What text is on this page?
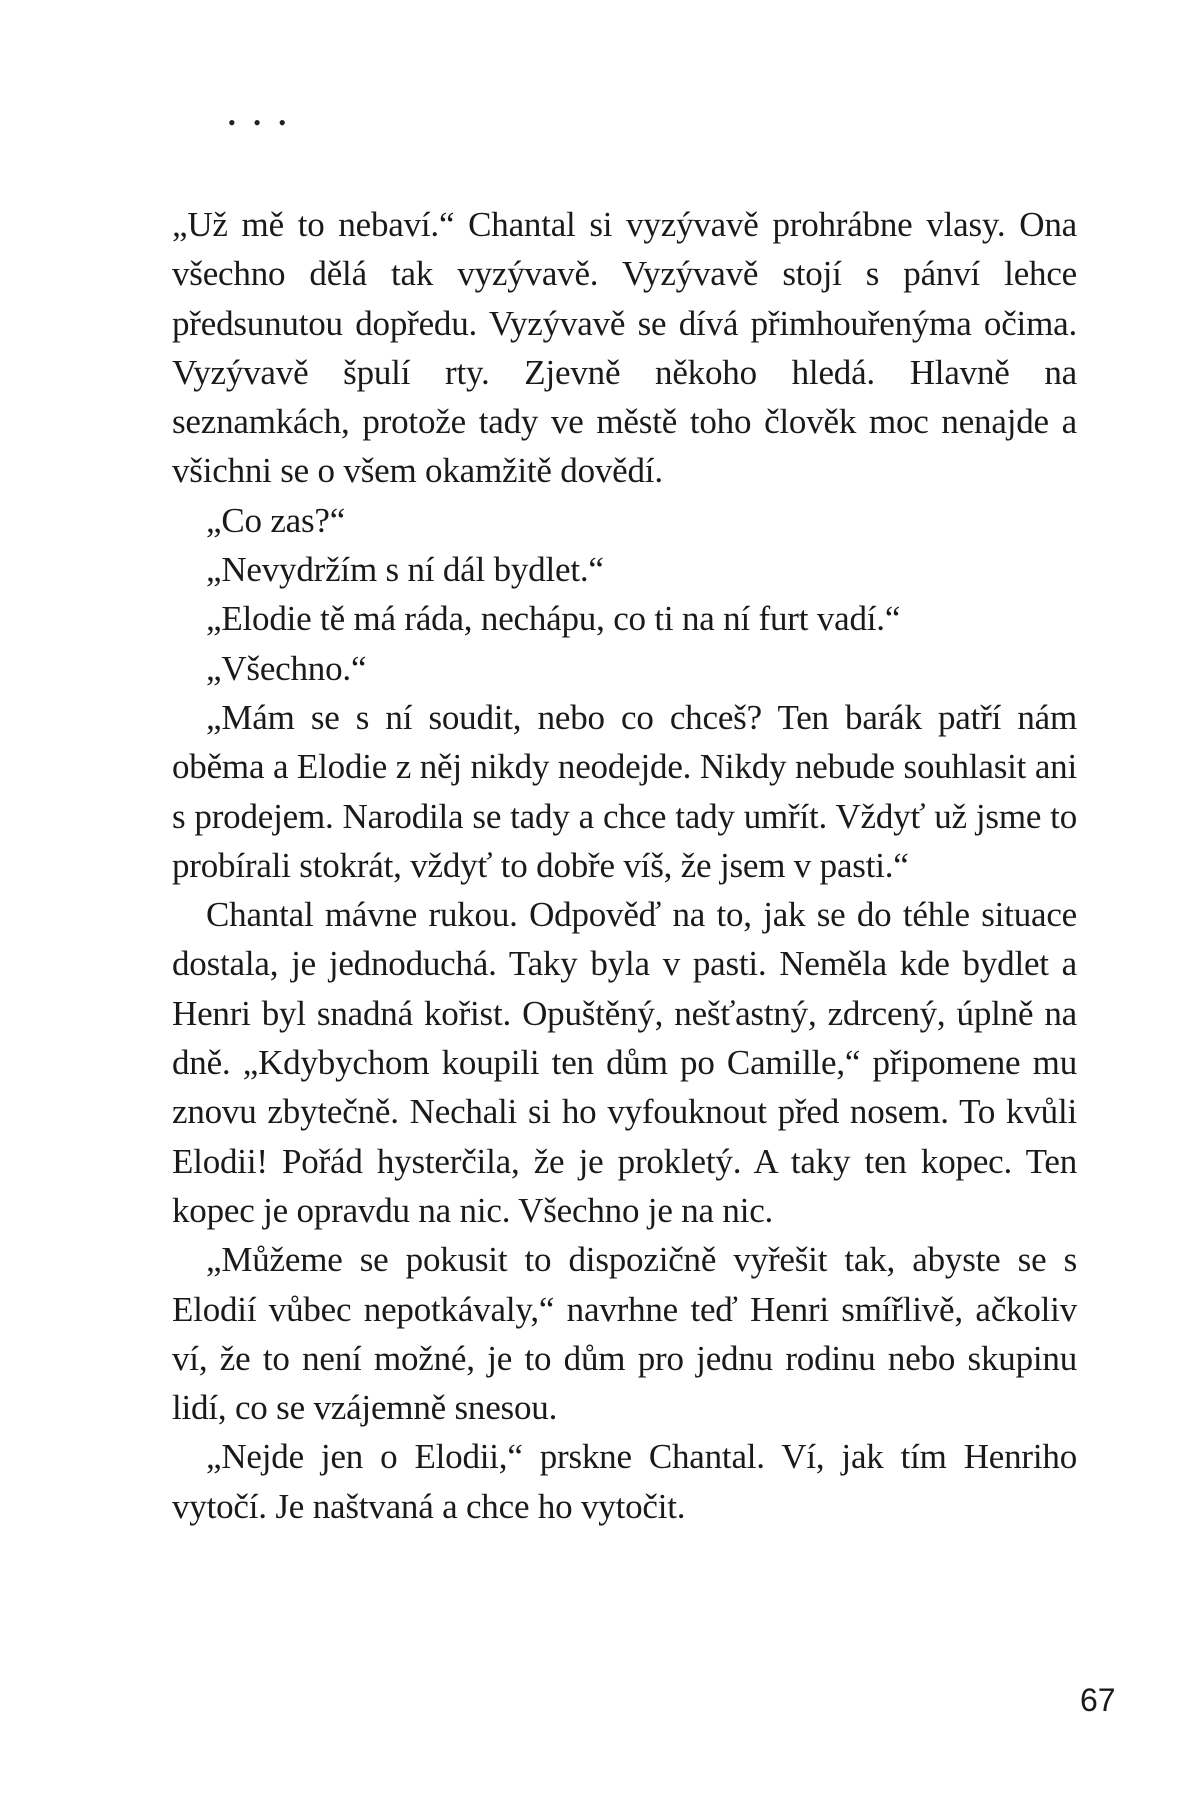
• • •

„Už mě to nebaví.“ Chantal si vyzývavě prohrábne vlasy. Ona všechno dělá tak vyzývavě. Vyzývavě stojí s pánví lehce předsunutou dopředu. Vyzývavě se dívá přimhouřenýma očima. Vyzývavě špulí rty. Zjevně někoho hledá. Hlavně na seznamkách, protože tady ve městě toho člověk moc nenajde a všichni se o všem okamžitě dovědí.

„Co zas?“

„Nevydržím s ní dál bydlet.“

„Elodie tě má ráda, nechápu, co ti na ní furt vadí.“

„Všechno.“

„Mám se s ní soudit, nebo co chceš? Ten barák patří nám oběma a Elodie z něj nikdy neodejde. Nikdy nebude souhlasit ani s prodejem. Narodila se tady a chce tady umřít. Vždyť už jsme to probírali stokrát, vždyť to dobře víš, že jsem v pasti.“

Chantal mávne rukou. Odpověď na to, jak se do téhle situace dostala, je jednoduchá. Taky byla v pasti. Neměla kde bydlet a Henri byl snadná kořist. Opuštěný, nešťastný, zdrcený, úplně na dně. „Kdybychom koupili ten dům po Camille,“ připomene mu znovu zbytečně. Nechali si ho vyfouknout před nosem. To kvůli Elodii! Pořád hysterčila, že je prokletý. A taky ten kopec. Ten kopec je opravdu na nic. Všechno je na nic.

„Můžeme se pokusit to dispozičně vyřešit tak, abyste se s Elodií vůbec nepotkávaly,“ navrhne teď Henri smířlivě, ačkoliv ví, že to není možné, je to dům pro jednu rodinu nebo skupinu lidí, co se vzájemně snesou.

„Nejde jen o Elodii,“ prskne Chantal. Ví, jak tím Henriho vytočí. Je naštvaná a chce ho vytočit.

67
